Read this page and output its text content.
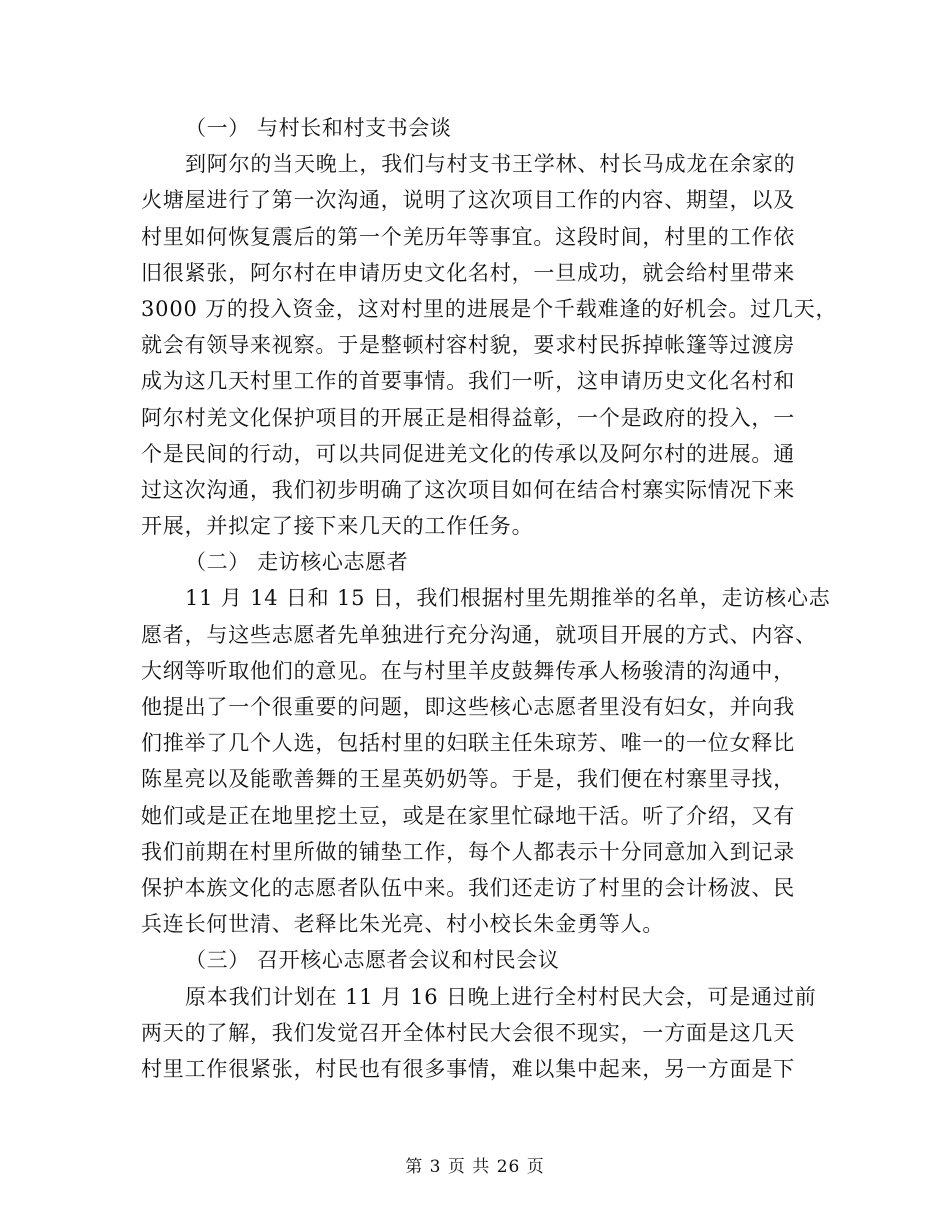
（一） 与村长和村支书会谈
到阿尔的当天晚上，我们与村支书王学林、村长马成龙在余家的
火塘屋进行了第一次沟通，说明了这次项目工作的内容、期望，以及
村里如何恢复震后的第一个羌历年等事宜。这段时间，村里的工作依
旧很紧张，阿尔村在申请历史文化名村，一旦成功，就会给村里带来
3000 万的投入资金，这对村里的进展是个千载难逢的好机会。过几天，
就会有领导来视察。于是整顿村容村貌，要求村民拆掉帐篷等过渡房
成为这几天村里工作的首要事情。我们一听，这申请历史文化名村和
阿尔村羌文化保护项目的开展正是相得益彰，一个是政府的投入，一
个是民间的行动，可以共同促进羌文化的传承以及阿尔村的进展。通
过这次沟通，我们初步明确了这次项目如何在结合村寨实际情况下来
开展，并拟定了接下来几天的工作任务。
（二） 走访核心志愿者
11 月 14 日和 15 日，我们根据村里先期推举的名单，走访核心志
愿者，与这些志愿者先单独进行充分沟通，就项目开展的方式、内容、
大纲等听取他们的意见。在与村里羊皮鼓舞传承人杨骏清的沟通中，
他提出了一个很重要的问题，即这些核心志愿者里没有妇女，并向我
们推举了几个人选，包括村里的妇联主任朱琼芳、唯一的一位女释比
陈星亮以及能歌善舞的王星英奶奶等。于是，我们便在村寨里寻找，
她们或是正在地里挖土豆，或是在家里忙碌地干活。听了介绍，又有
我们前期在村里所做的铺垫工作，每个人都表示十分同意加入到记录
保护本族文化的志愿者队伍中来。我们还走访了村里的会计杨波、民
兵连长何世清、老释比朱光亮、村小校长朱金勇等人。
（三） 召开核心志愿者会议和村民会议
原本我们计划在 11 月 16 日晚上进行全村村民大会，可是通过前
两天的了解，我们发觉召开全体村民大会很不现实，一方面是这几天
村里工作很紧张，村民也有很多事情，难以集中起来，另一方面是下
第 3 页 共 26 页
